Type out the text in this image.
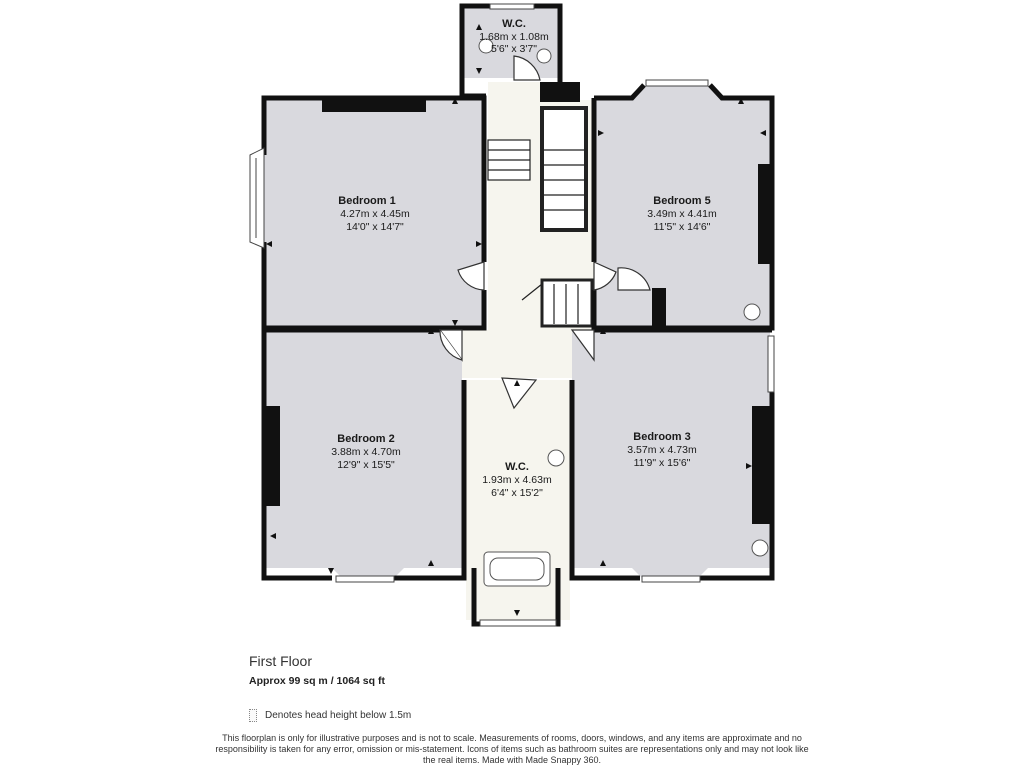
W.C.
1.68m x 1.08m
5'6" x 3'7"
Bedroom 1
4.27m x 4.45m
14'0" x 14'7"
Bedroom 5
3.49m x 4.41m
11'5" x 14'6"
Bedroom 2
3.88m x 4.70m
12'9" x 15'5"	W.C.
1.93m x 4.63m
6'4" x 15'2"
Bedroom 3
3.57m x 4.73m
11'9" x 15'6"
First Floor
Approx 99 sq m / 1064 sq ft
Denotes head height below 1.5m
This floorplan is only for illustrative purposes and is not to scale. Measurements of rooms, doors, windows, and any items are approximate and no responsibility is taken for any error, omission or mis-statement. Icons of items such as bathroom suites are representations only and may not look like the real items. Made with Made Snappy 360.
